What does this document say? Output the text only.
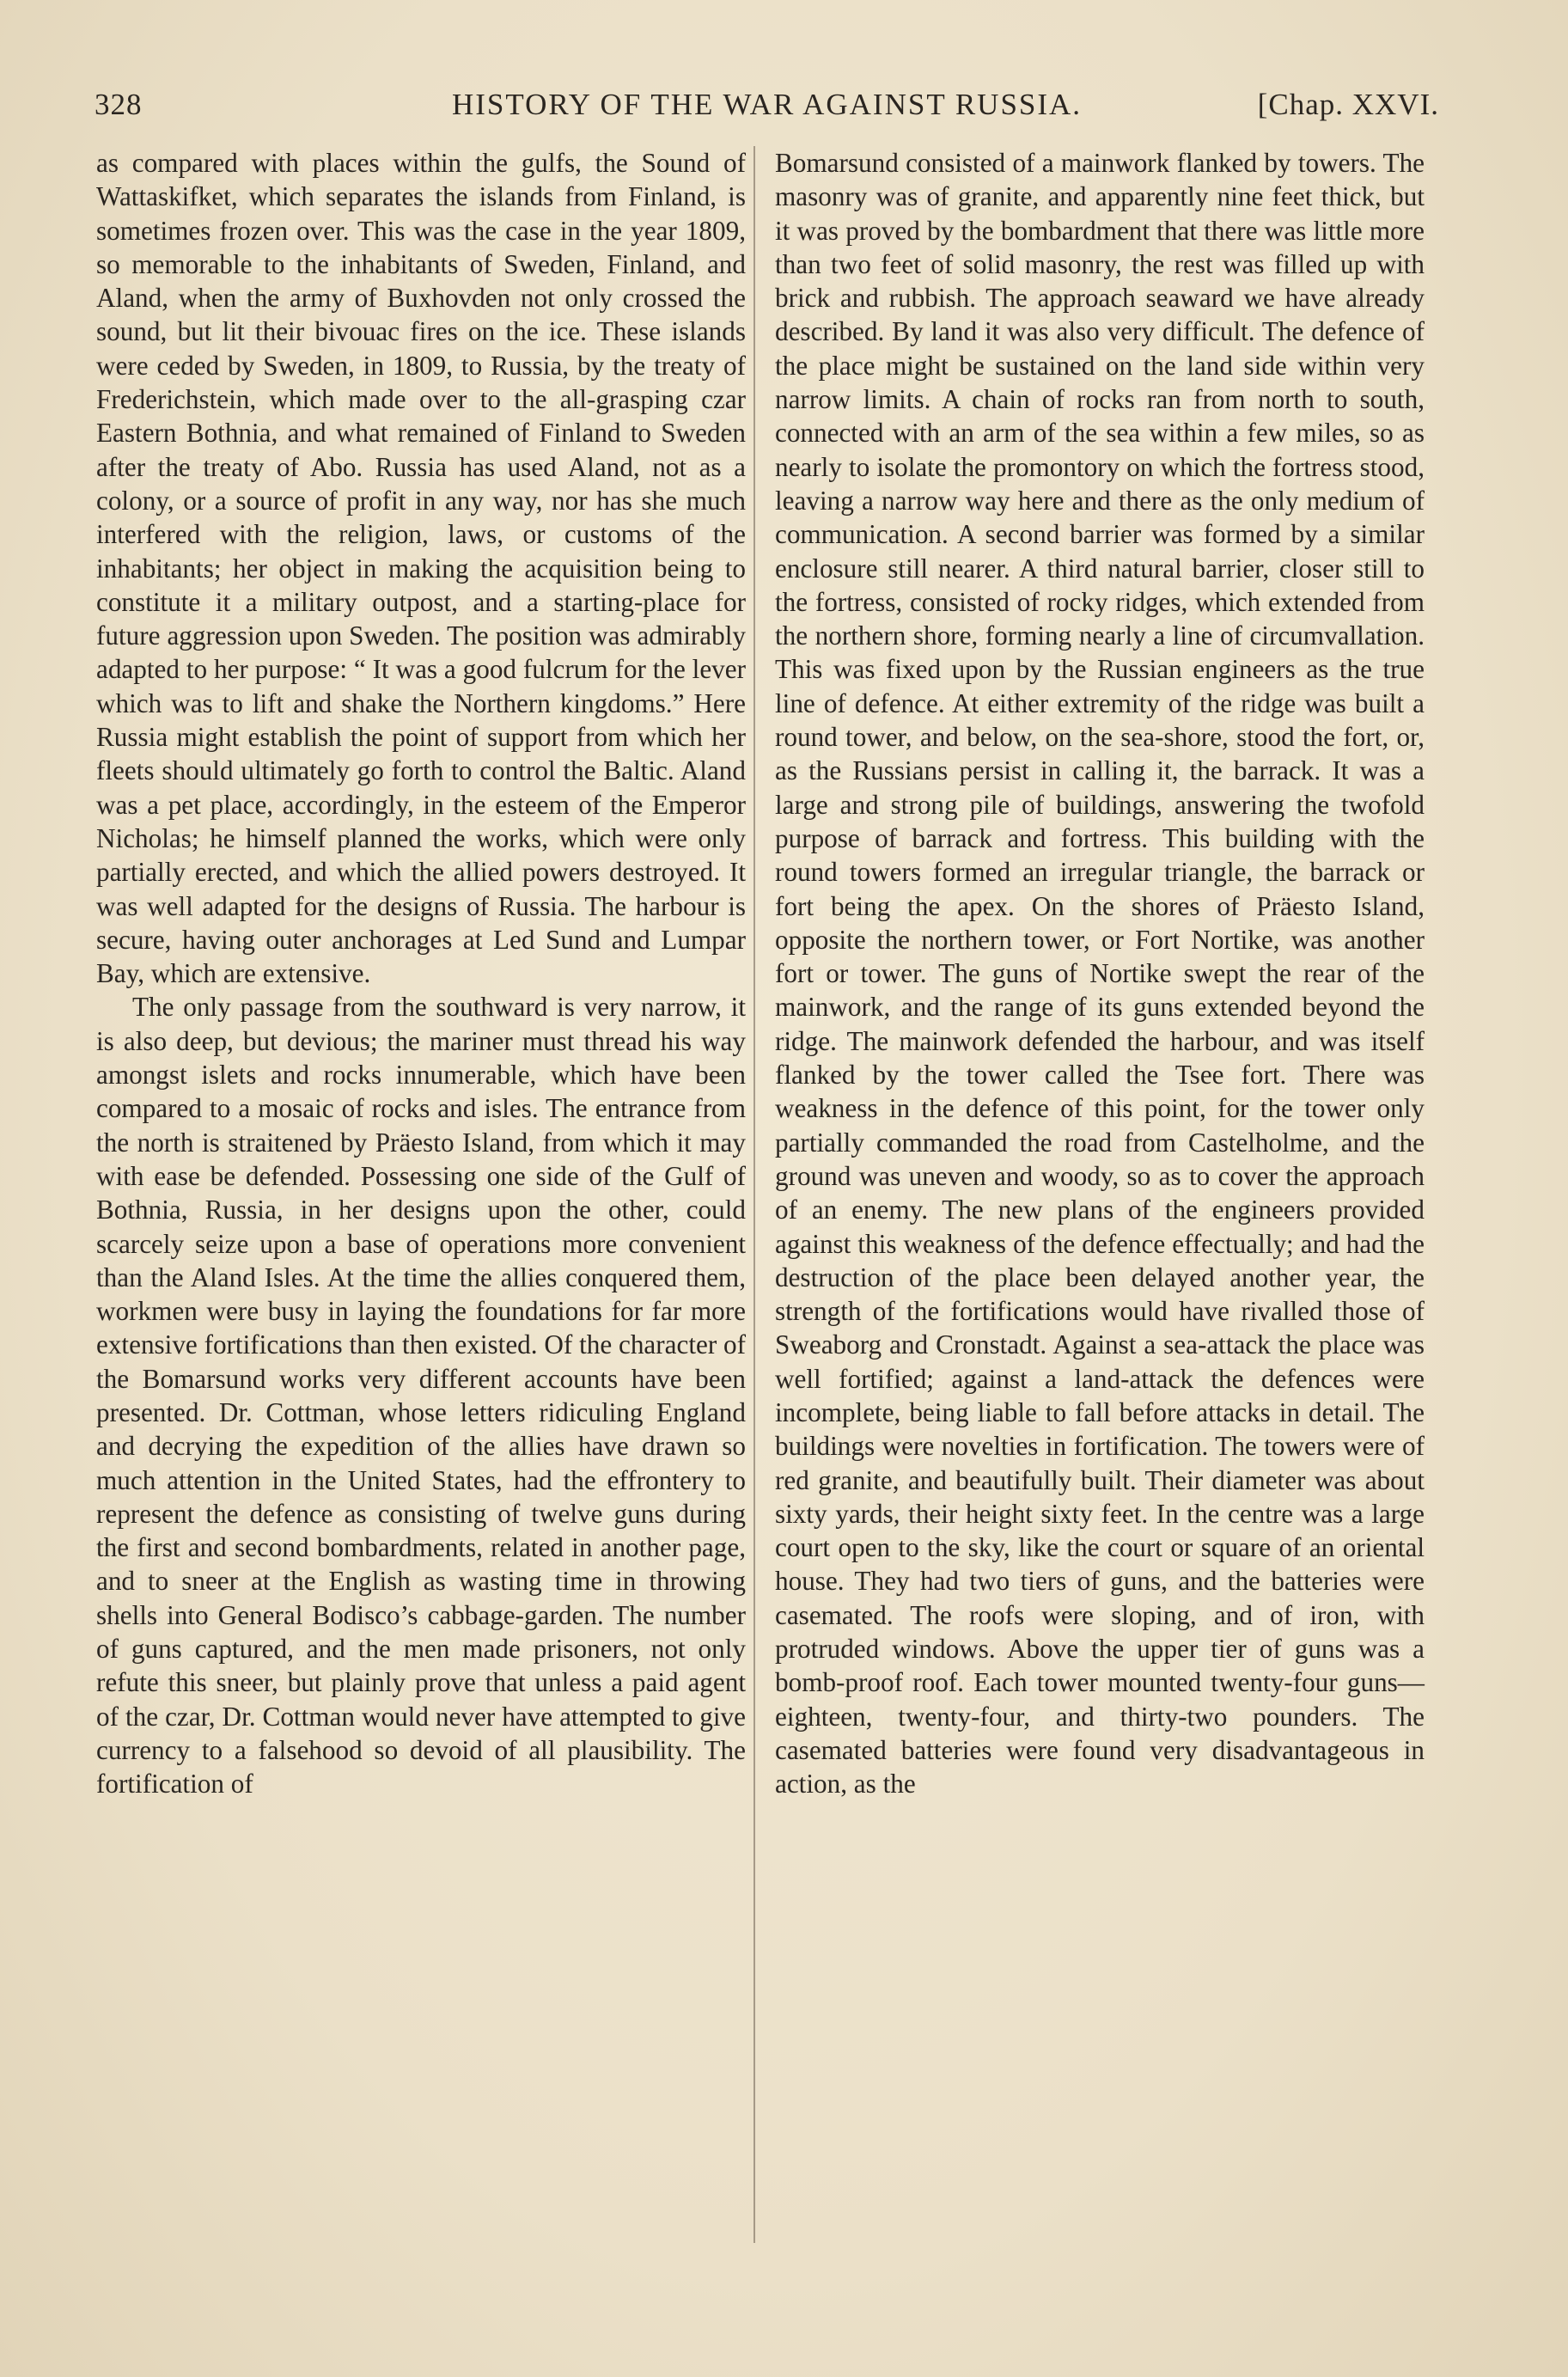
328	HISTORY OF THE WAR AGAINST RUSSIA.	[Chap. XXVI.

as compared with places within the gulfs, the Sound of Wattaskifket, which separates the islands from Finland, is sometimes frozen over. This was the case in the year 1809, so memorable to the inhabitants of Sweden, Finland, and Aland, when the army of Buxhovden not only crossed the sound, but lit their bivouac fires on the ice. These islands were ceded by Sweden, in 1809, to Russia, by the treaty of Frederichstein, which made over to the all-grasping czar Eastern Bothnia, and what remained of Finland to Sweden after the treaty of Abo. Russia has used Aland, not as a colony, or a source of profit in any way, nor has she much interfered with the religion, laws, or customs of the inhabitants; her object in making the acquisition being to constitute it a military outpost, and a starting-place for future aggression upon Sweden. The position was admirably adapted to her purpose: “ It was a good fulcrum for the lever which was to lift and shake the Northern kingdoms.” Here Russia might establish the point of support from which her fleets should ultimately go forth to control the Baltic. Aland was a pet place, accordingly, in the esteem of the Emperor Nicholas; he himself planned the works, which were only partially erected, and which the allied powers destroyed. It was well adapted for the designs of Russia. The harbour is secure, having outer anchorages at Led Sund and Lumpar Bay, which are extensive.

The only passage from the southward is very narrow, it is also deep, but devious; the mariner must thread his way amongst islets and rocks innumerable, which have been compared to a mosaic of rocks and isles. The entrance from the north is straitened by Präesto Island, from which it may with ease be defended. Possessing one side of the Gulf of Bothnia, Russia, in her designs upon the other, could scarcely seize upon a base of operations more convenient than the Aland Isles. At the time the allies conquered them, workmen were busy in laying the foundations for far more extensive fortifications than then existed. Of the character of the Bomarsund works very different accounts have been presented. Dr. Cottman, whose letters ridiculing England and decrying the expedition of the allies have drawn so much attention in the United States, had the effrontery to represent the defence as consisting of twelve guns during the first and second bombardments, related in another page, and to sneer at the English as wasting time in throwing shells into General Bodisco’s cabbage-garden. The number of guns captured, and the men made prisoners, not only refute this sneer, but plainly prove that unless a paid agent of the czar, Dr. Cottman would never have attempted to give currency to a falsehood so devoid of all plausibility. The fortification of

Bomarsund consisted of a mainwork flanked by towers. The masonry was of granite, and apparently nine feet thick, but it was proved by the bombardment that there was little more than two feet of solid masonry, the rest was filled up with brick and rubbish. The approach seaward we have already described. By land it was also very difficult. The defence of the place might be sustained on the land side within very narrow limits. A chain of rocks ran from north to south, connected with an arm of the sea within a few miles, so as nearly to isolate the promontory on which the fortress stood, leaving a narrow way here and there as the only medium of communication. A second barrier was formed by a similar enclosure still nearer. A third natural barrier, closer still to the fortress, consisted of rocky ridges, which extended from the northern shore, forming nearly a line of circumvallation. This was fixed upon by the Russian engineers as the true line of defence. At either extremity of the ridge was built a round tower, and below, on the sea-shore, stood the fort, or, as the Russians persist in calling it, the barrack. It was a large and strong pile of buildings, answering the twofold purpose of barrack and fortress. This building with the round towers formed an irregular triangle, the barrack or fort being the apex. On the shores of Präesto Island, opposite the northern tower, or Fort Nortike, was another fort or tower. The guns of Nortike swept the rear of the mainwork, and the range of its guns extended beyond the ridge. The mainwork defended the harbour, and was itself flanked by the tower called the Tsee fort. There was weakness in the defence of this point, for the tower only partially commanded the road from Castelholme, and the ground was uneven and woody, so as to cover the approach of an enemy. The new plans of the engineers provided against this weakness of the defence effectually; and had the destruction of the place been delayed another year, the strength of the fortifications would have rivalled those of Sweaborg and Cronstadt. Against a sea-attack the place was well fortified; against a land-attack the defences were incomplete, being liable to fall before attacks in detail. The buildings were novelties in fortification. The towers were of red granite, and beautifully built. Their diameter was about sixty yards, their height sixty feet. In the centre was a large court open to the sky, like the court or square of an oriental house. They had two tiers of guns, and the batteries were casemated. The roofs were sloping, and of iron, with protruded windows. Above the upper tier of guns was a bomb-proof roof. Each tower mounted twenty-four guns—eighteen, twenty-four, and thirty-two pounders. The casemated batteries were found very disadvantageous in action, as the
